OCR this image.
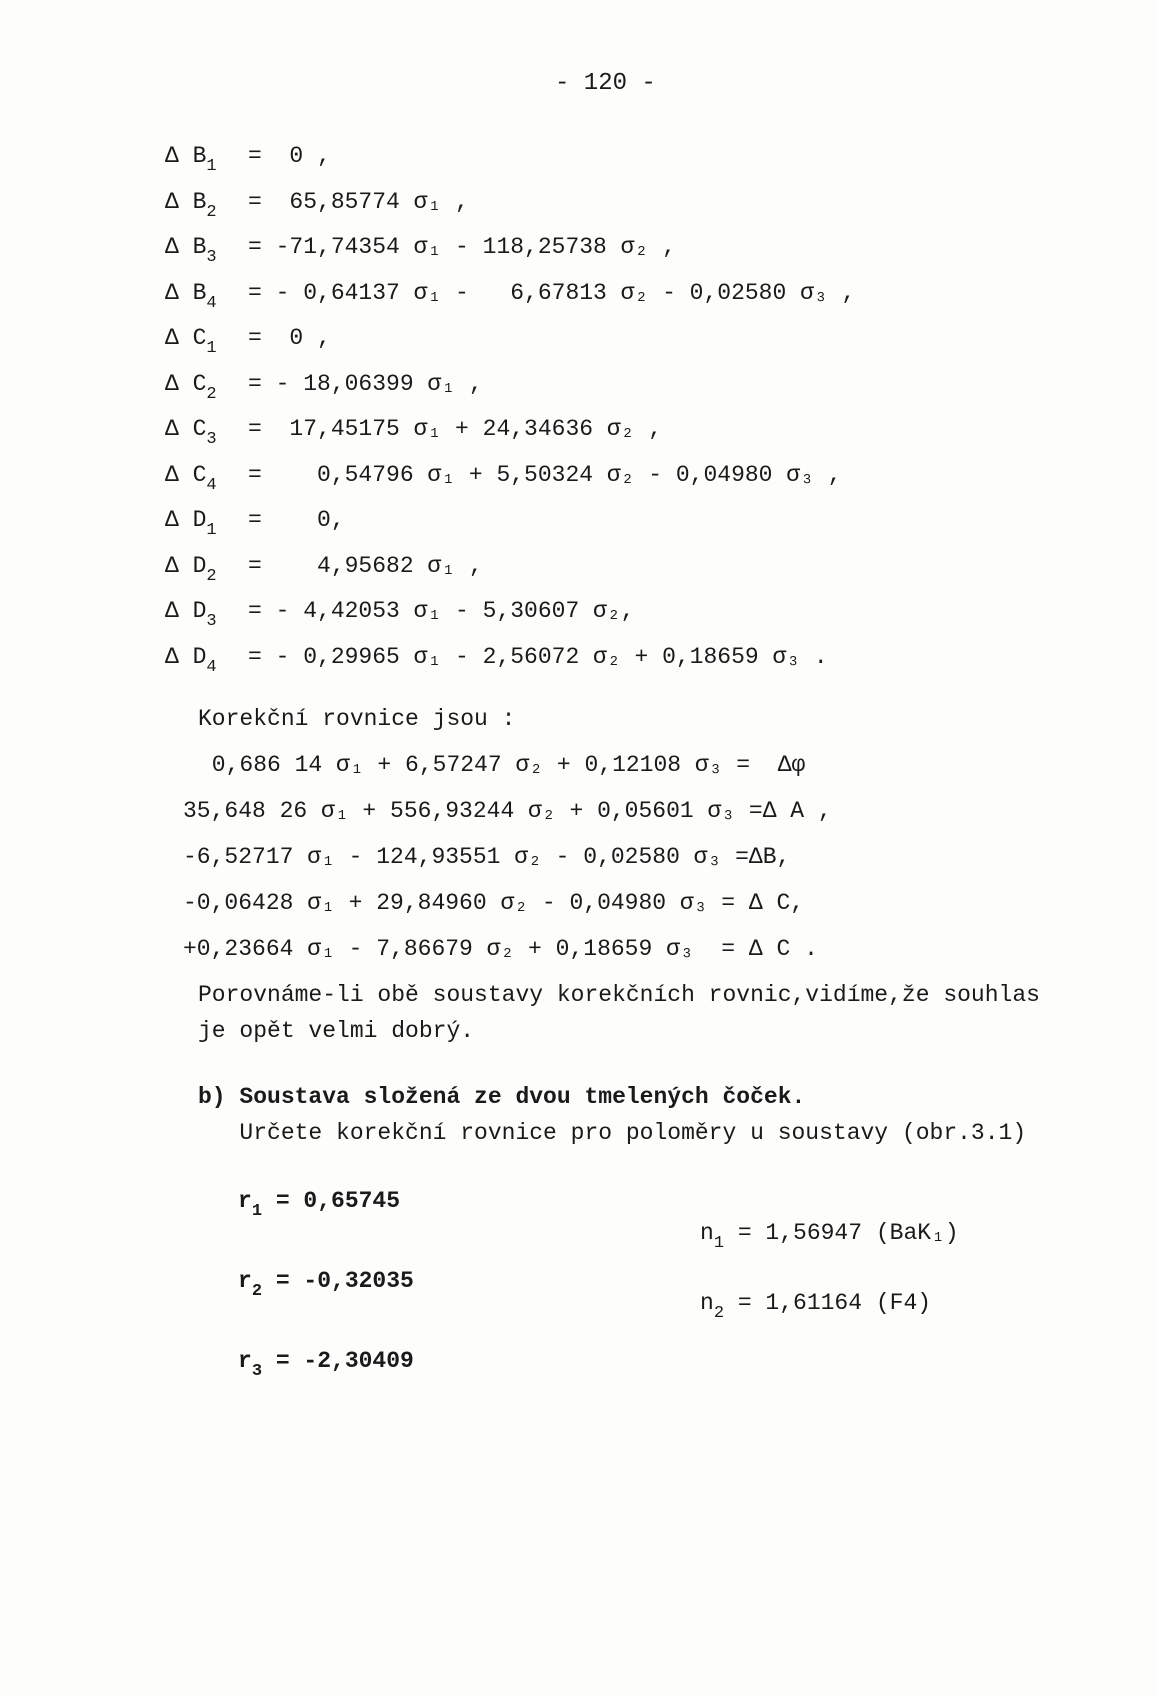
- 120 -
Δ $B_1 = 0$ ,
Δ $B_2 = 65,85774$ σ₁ ,
Δ $B_3 = -71,74354$ σ₁ - 118,25738 σ₂ ,
Δ $B_4$ = - 0,64137 σ₁ -   6,67813 σ₂ - 0,02580 σ₃ ,
Δ $C_1 = 0$ ,
Δ $C_2$ = - 18,06399 σ₁ ,
Δ $C_3 = 17,45175$ σ₁ + 24,34636 σ₂ ,
Δ $C_4$ =    0,54796 σ₁ + 5,50324 σ₂ - 0,04980 σ₃ ,
Δ $D_1$ =    0,
Δ $D_2$ =    4,95682 σ₁ ,
Δ $D_3$ = - 4,42053 σ₁ - 5,30607 σ₂,
Δ $D_4$ = - 0,29965 σ₁ - 2,56072 σ₂ + 0,18659 σ₃ .
Korekční rovnice jsou :
0,686 14 σ₁ + 6,57247 σ₂ + 0,12108 σ₃ =  Δφ
35,648 26 σ₁ + 556,93244 σ₂ + 0,05601 σ₃ =Δ A ,
-6,52717 σ₁ - 124,93551 σ₂ - 0,02580 σ₃ =ΔB,
-0,06428 σ₁ + 29,84960 σ₂ - 0,04980 σ₃ = Δ C,
+0,23664 σ₁ - 7,86679 σ₂ + 0,18659 σ₃  = Δ C .
Porovnáme-li obě soustavy korekčních rovnic,vidíme,že souhlas
je opět velmi dobrý.
b) Soustava složená ze dvou tmelených čoček.
Určete korekční rovnice pro poloměry u soustavy (obr.3.1)
$r_1 = 0,65745$
$r_2 = -0,32035$
$r_3 = -2,30409$
$n_1 = 1,56947$ (BaK₁)
$n_2 = 1,61164$ (F4)
